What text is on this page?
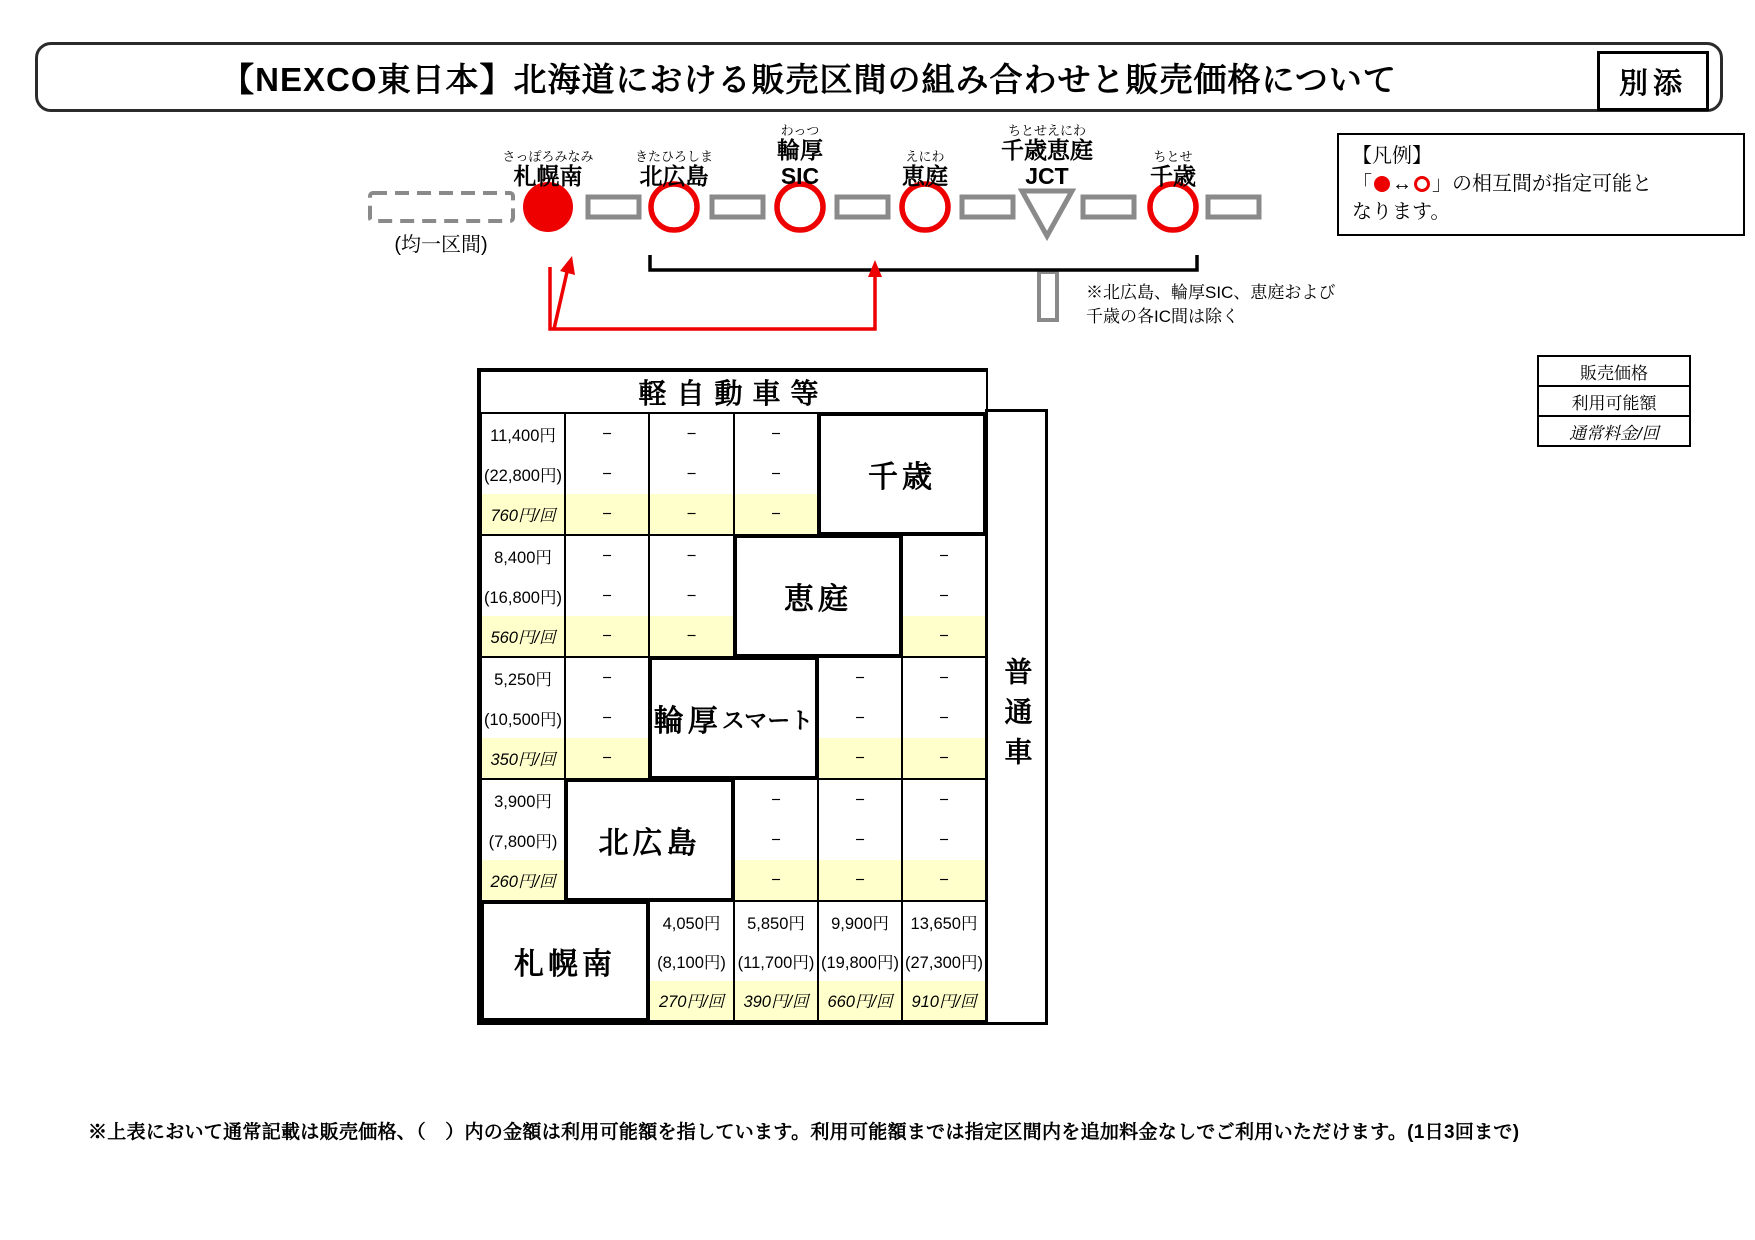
【NEXCO東日本】北海道における販売区間の組み合わせと販売価格について	別添
さっぽろみなみ
札幌南
きたひろしま
北広島
わっつ
輪厚
SIC
えにわ
恵庭
ちとせえにわ
千歳恵庭
JCT
ちとせ
千歳
(均一区間)
※北広島、輪厚SIC、恵庭および
千歳の各IC間は除く
【凡例】
「 ↔ 」の相互間が指定可能と
なります。
販売価格
利用可能額
通常料金/回
軽自動車等
11,400円
(22,800円)
760円/回
−
−
−
−
−
−
−
−
−
千歳
8,400円
(16,800円)
560円/回
−
−
−
−
−
−
恵庭
−
−
−
5,250円
(10,500円)
350円/回
−
−
−
輪厚 スマート
−
−
−
−
−
−
3,900円
(7,800円)
260円/回
北広島
−
−
−
−
−
−
−
−
−
札幌南
4,050円
(8,100円)
270円/回
5,850円
(11,700円)
390円/回
9,900円
(19,800円)
660円/回
13,650円
(27,300円)
910円/回
普通車
※上表において通常記載は販売価格、（　）内の金額は利用可能額を指しています。利用可能額までは指定区間内を追加料金なしでご利用いただけます。(1日3回まで)
